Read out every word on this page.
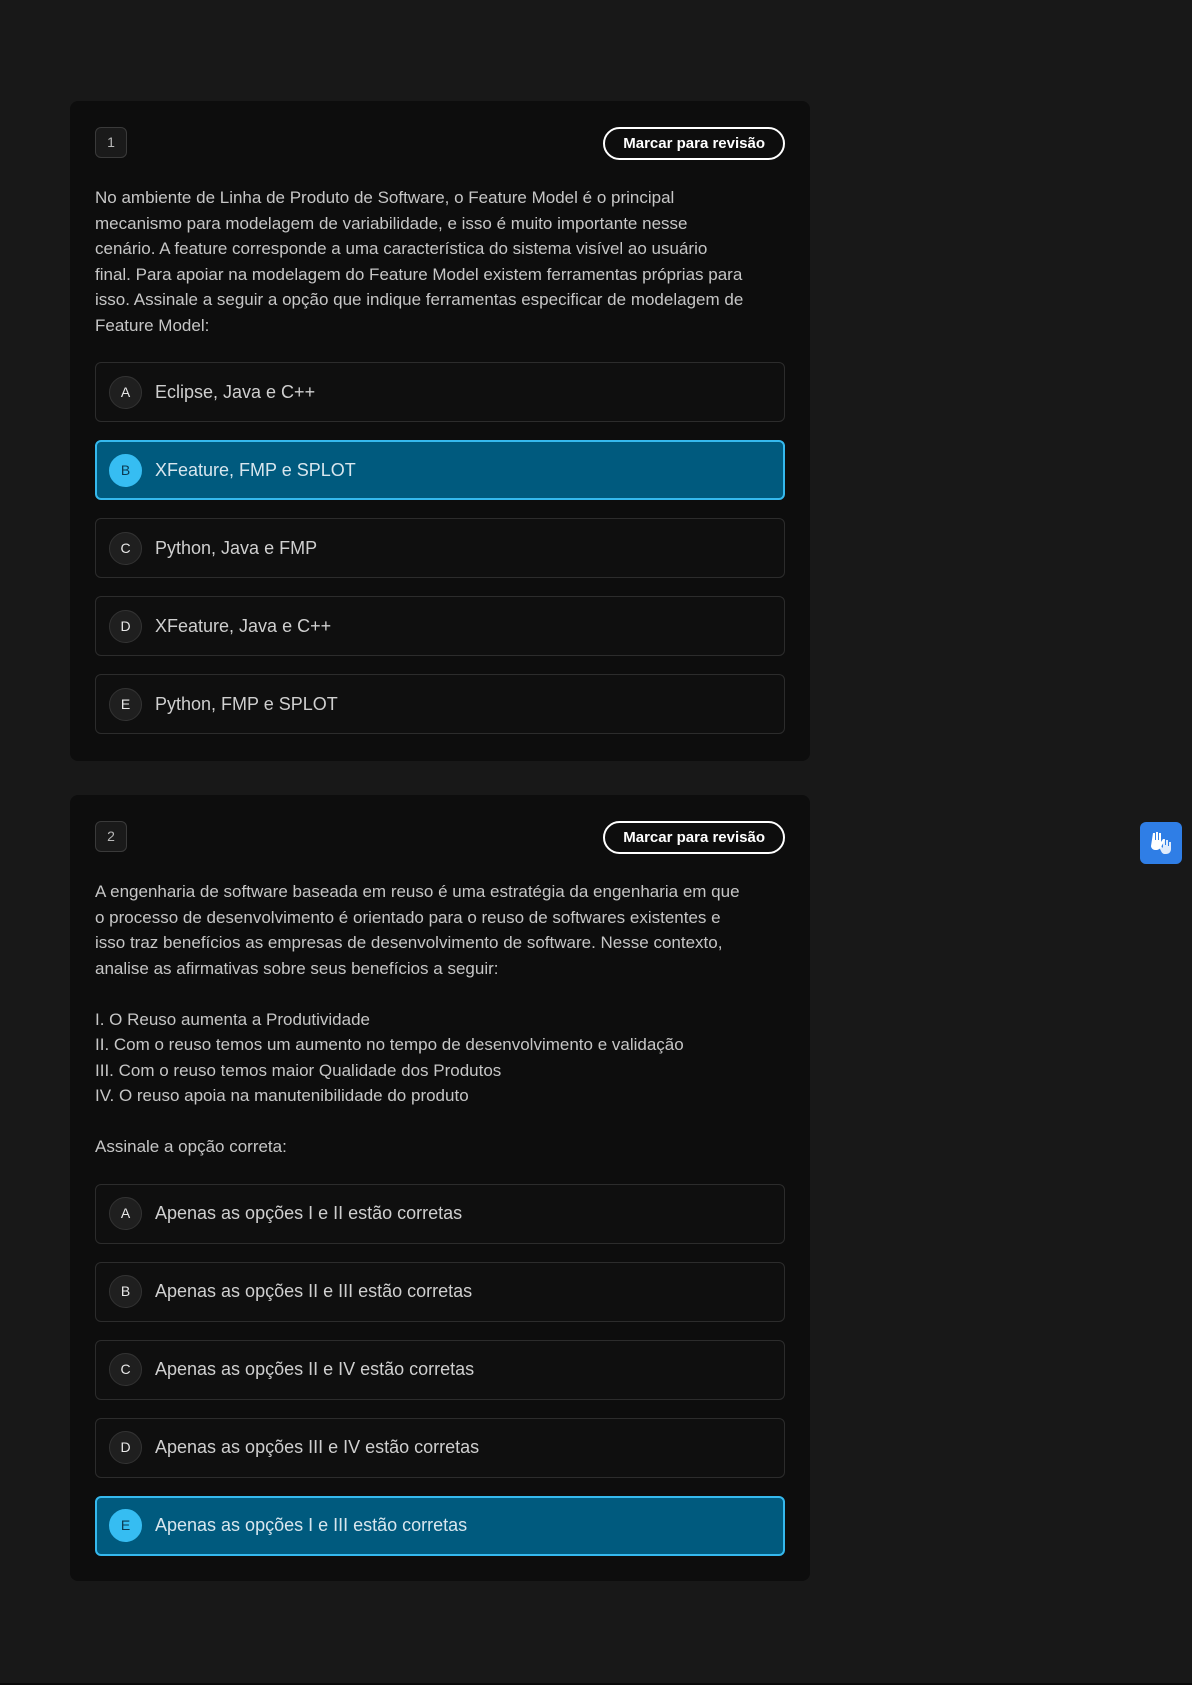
1	Marcar para revisão

No ambiente de Linha de Produto de Software, o Feature Model é o principal

mecanismo para modelagem de variabilidade, e isso é muito importante nesse

cenário. A feature corresponde a uma característica do sistema visível ao usuário

final. Para apoiar na modelagem do Feature Model existem ferramentas próprias para

isso. Assinale a seguir a opção que indique ferramentas especificar de modelagem de

Feature Model:

A	Eclipse, Java e C++
B	XFeature, FMP e SPLOT
C	Python, Java e FMP
D	XFeature, Java e C++
E	Python, FMP e SPLOT
2	Marcar para revisão

A engenharia de software baseada em reuso é uma estratégia da engenharia em que

o processo de desenvolvimento é orientado para o reuso de softwares existentes e

isso traz benefícios as empresas de desenvolvimento de software. Nesse contexto,

analise as afirmativas sobre seus benefícios a seguir:

I. O Reuso aumenta a Produtividade

II. Com o reuso temos um aumento no tempo de desenvolvimento e validação

III. Com o reuso temos maior Qualidade dos Produtos

IV. O reuso apoia na manutenibilidade do produto

Assinale a opção correta:

A	Apenas as opções I e II estão corretas
B	Apenas as opções II e III estão corretas
C	Apenas as opções II e IV estão corretas
D	Apenas as opções III e IV estão corretas
E	Apenas as opções I e III estão corretas
